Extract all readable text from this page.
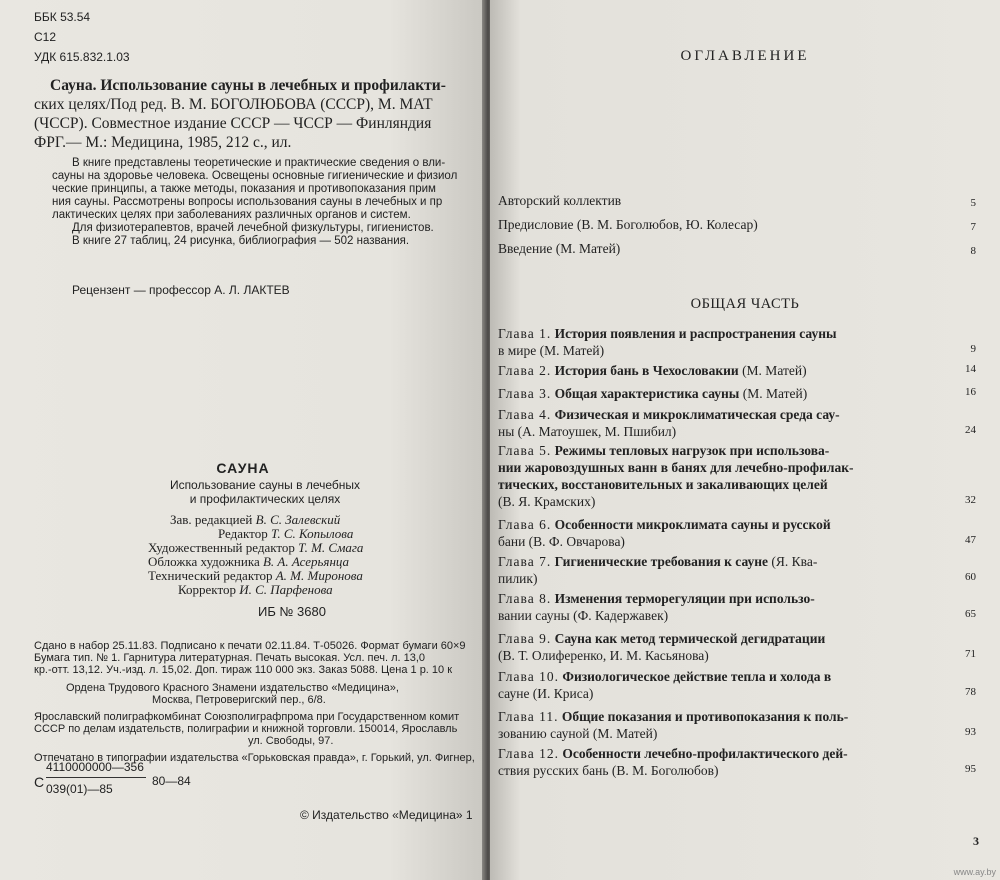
ББК 53.54
С12
УДК 615.832.1.03
Сауна. Использование сауны в лечебных и профилакти-
ских целях/Под ред. В. М. БОГОЛЮБОВА (СССР), М. МАТ
(ЧССР). Совместное издание СССР — ЧССР — Финляндия
ФРГ.— М.: Медицина, 1985, 212 с., ил.
В книге представлены теоретические и практические сведения о вли-
сауны на здоровье человека. Освещены основные гигиенические и физиол
ческие принципы, а также методы, показания и противопоказания прим
ния сауны. Рассмотрены вопросы использования сауны в лечебных и пр
лактических целях при заболеваниях различных органов и систем.
Для физиотерапевтов, врачей лечебной физкультуры, гигиенистов.
В книге 27 таблиц, 24 рисунка, библиография — 502 названия.
Рецензент — профессор А. Л. ЛАКТЕВ
САУНА
Использование сауны в лечебных
и профилактических целях
Зав. редакцией В. С. Залевский
Редактор Т. С. Копылова
Художественный редактор Т. М. Смага
Обложка художника В. А. Асерьянца
Технический редактор А. М. Миронова
Корректор И. С. Парфенова
ИБ № 3680
Сдано в набор 25.11.83. Подписано к печати 02.11.84. Т-05026. Формат бумаги 60×9
Бумага тип. № 1. Гарнитура литературная. Печать высокая. Усл. печ. л. 13,0
кр.-отт. 13,12. Уч.-изд. л. 15,02. Доп. тираж 110 000 экз. Заказ 5088. Цена 1 р. 10 к
Ордена Трудового Красного Знамени издательство «Медицина»,
Москва, Петроверигский пер., 6/8.
Ярославский полиграфкомбинат Союзполиграфпрома при Государственном комит
СССР по делам издательств, полиграфии и книжной торговли. 150014, Ярославль
ул. Свободы, 97.
Отпечатано в типографии издательства «Горьковская правда», г. Горький, ул. Фигнер,
С
4110000000—356
039(01)—85
80—84
© Издательство «Медицина» 1
ОГЛАВЛЕНИЕ
Авторский коллектив	5
Предисловие (В. М. Боголюбов, Ю. Колесар)	7
Введение (М. Матей)	8
ОБЩАЯ ЧАСТЬ
Глава 1. История появления и распространения сауны
в мире (М. Матей)	9
Глава 2. История бань в Чехословакии (М. Матей)	14
Глава 3. Общая характеристика сауны (М. Матей)	16
Глава 4. Физическая и микроклиматическая среда сау-
ны (А. Матоушек, М. Пшибил)	24
Глава 5. Режимы тепловых нагрузок при использова-
нии жаровоздушных ванн в банях для лечебно-профилак-
тических, восстановительных и закаливающих целей
(В. Я. Крамских)	32
Глава 6. Особенности микроклимата сауны и русской
бани (В. Ф. Овчарова)	47
Глава 7. Гигиенические требования к сауне (Я. Ква-
пилик)	60
Глава 8. Изменения терморегуляции при использо-
вании сауны (Ф. Кадержавек)	65
Глава 9. Сауна как метод термической дегидратации
(В. Т. Олиференко, И. М. Касьянова)	71
Глава 10. Физиологическое действие тепла и холода в
сауне (И. Криса)	78
Глава 11. Общие показания и противопоказания к поль-
зованию сауной (М. Матей)	93
Глава 12. Особенности лечебно-профилактического дей-
ствия русских бань (В. М. Боголюбов)	95
3
www.ay.by
